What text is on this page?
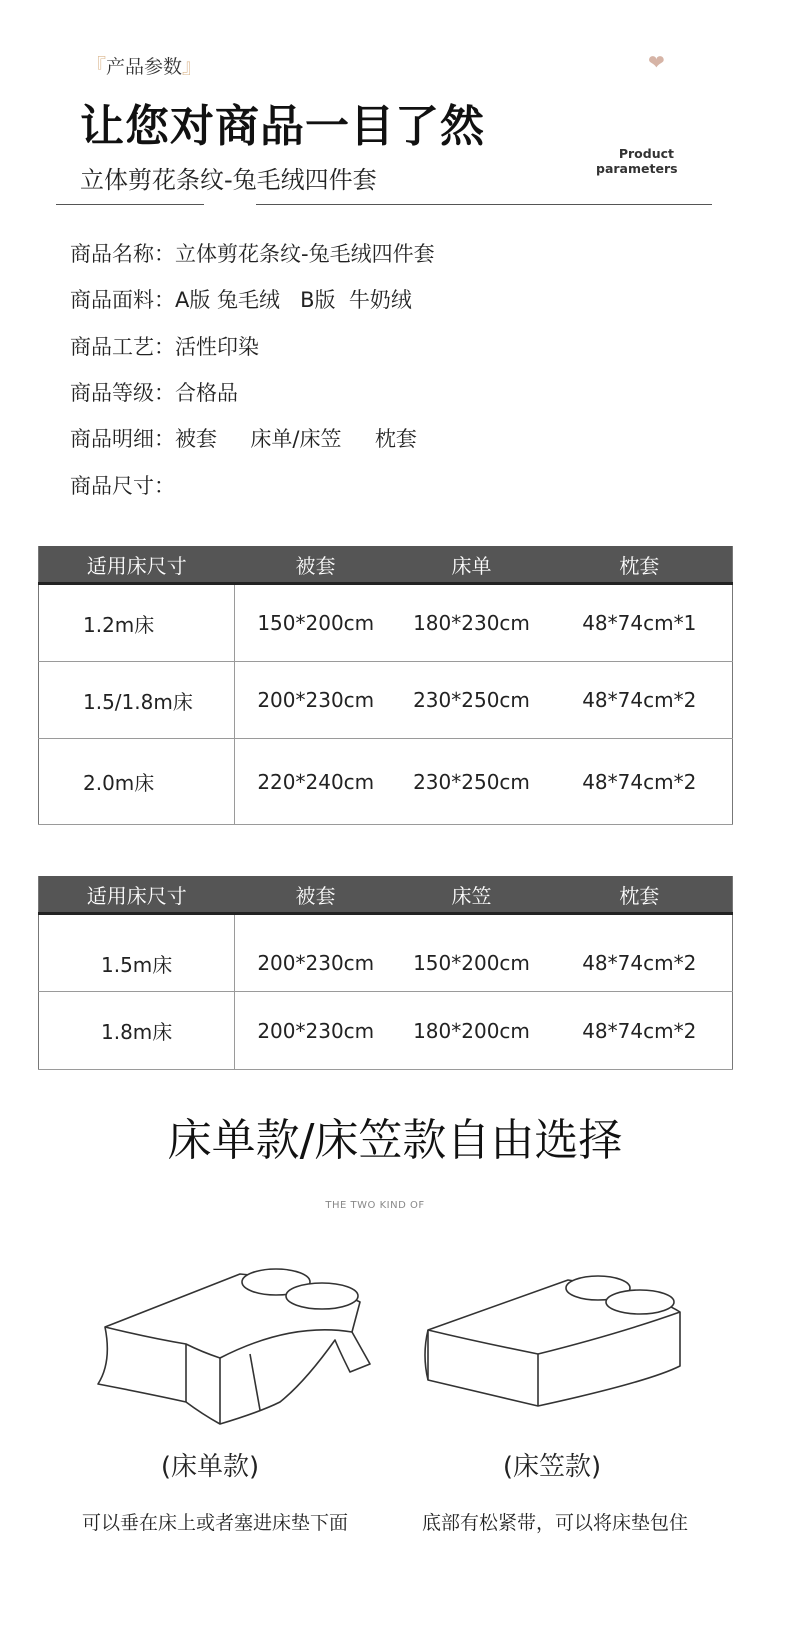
『产品参数』	❤
让您对商品一目了然
立体剪花条纹-兔毛绒四件套
Product
parameters
商品名称：立体剪花条纹-兔毛绒四件套
商品面料：A版 兔毛绒   B版  牛奶绒
商品工艺：活性印染
商品等级：合格品
商品明细：被套     床单/床笠     枕套
商品尺寸：
适用床尺寸	被套	床单	枕套
1.2m床	150*200cm	180*230cm	48*74cm*1
1.5/1.8m床	200*230cm	230*250cm	48*74cm*2
2.0m床	220*240cm	230*250cm	48*74cm*2
适用床尺寸	被套	床笠	枕套
1.5m床	200*230cm	150*200cm	48*74cm*2
1.8m床	200*230cm	180*200cm	48*74cm*2
床单款/床笠款自由选择
THE TWO KIND OF
(床单款)
可以垂在床上或者塞进床垫下面
(床笠款)
底部有松紧带，可以将床垫包住
